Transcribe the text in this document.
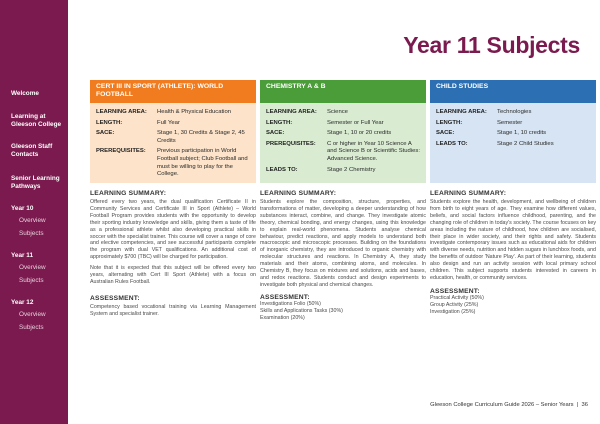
Welcome
Learning at Gleeson College
Gleeson Staff Contacts
Senior Learning Pathways
Year 10
Overview
Subjects
Year 11
Overview
Subjects
Year 12
Overview
Subjects
Year 11 Subjects
CERT III IN SPORT (ATHLETE): WORLD FOOTBALL
LEARNING AREA:	Health & Physical Education
LENGTH:	Full Year
SACE:	Stage 1, 30 Credits & Stage 2, 45 Credits
PREREQUISITES:	Previous participation in World Football subject; Club Football and must be willing to play for the College.
LEARNING SUMMARY:
Offered every two years, the dual qualification Certificate II in Community Services and Certificate III in Sport (Athlete) – World Football Program provides students with the opportunity to develop their sporting industry knowledge and skills, giving them a taste of life as a professional athlete whilst also developing practical skills in soccer with the specialist trainer. This course will cover a range of core and elective competencies, and see successful participants complete the program with dual VET qualifications. An additional cost of approximately $700 (TBC) will be charged for participation.
Note that it is expected that this subject will be offered every two years, alternating with Cert III Sport (Athlete) with a focus on Australian Rules Football.
ASSESSMENT:
Competency based vocational training via Learning Management System and specialist trainer.
CHEMISTRY A & B
LEARNING AREA:	Science
LENGTH:	Semester or Full Year
SACE:	Stage 1, 10 or 20 credits
PREREQUISITES:	C or higher in Year 10 Science A and Science B or Scientific Studies: Advanced Science.
LEADS TO:	Stage 2 Chemistry
LEARNING SUMMARY:
Students explore the composition, structure, properties, and transformations of matter, developing a deeper understanding of how substances interact, combine, and change. They investigate atomic theory, chemical bonding, and energy changes, using this knowledge to explain real-world phenomena. Students analyse chemical behaviour, predict reactions, and apply models to understand both macroscopic and microscopic processes. Building on the foundations of inorganic chemistry, they are introduced to organic chemistry with molecular structures and reactions. In Chemistry A, they study materials and their atoms, combining atoms, and molecules. In Chemistry B, they focus on mixtures and solutions, acids and bases, and redox reactions. Students conduct and design experiments to investigate both physical and chemical changes.
ASSESSMENT:
Investigations Folio (50%)
Skills and Applications Tasks (30%)
Examination (20%)
CHILD STUDIES
LEARNING AREA:	Technologies
LENGTH:	Semester
SACE:	Stage 1, 10 credits
LEADS TO:	Stage 2 Child Studies
LEARNING SUMMARY:
Students explore the health, development, and wellbeing of children from birth to eight years of age. They examine how different values, beliefs, and social factors influence childhood, parenting, and the changing role of children in today's society. The course focuses on key areas including the nature of childhood, how children are socialised, their place in wider society, and their rights and safety. Students investigate contemporary issues such as educational aids for children with diverse needs, nutrition and hidden sugars in lunchbox foods, and the benefits of outdoor 'Nature Play'. As part of their learning, students also design and run an activity session with local primary school children. This subject supports students interested in careers in education, health, or community services.
ASSESSMENT:
Practical Activity (50%)
Group Activity (25%)
Investigation (25%)
Gleeson College Curriculum Guide 2026 – Senior Years  |  36
